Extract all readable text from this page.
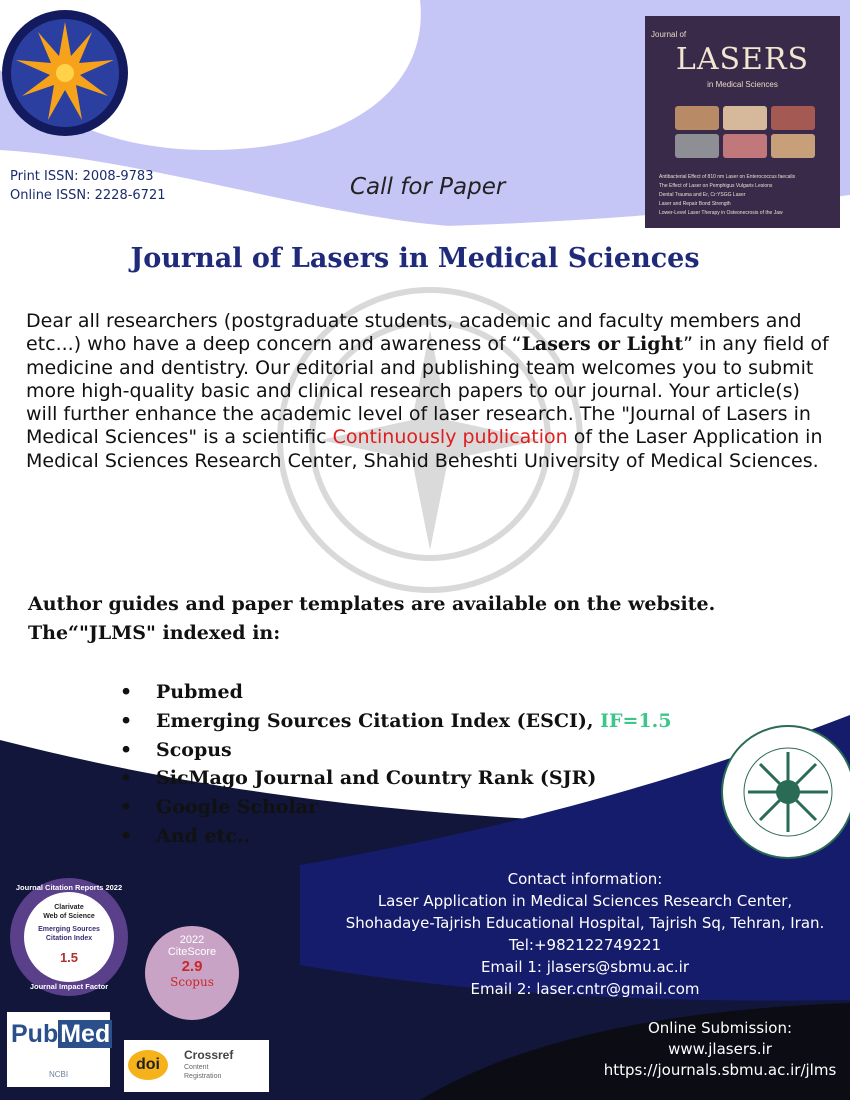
Print ISSN: 2008-9783
Online ISSN: 2228-6721	Call for Paper
Journal of
LASERS
in Medical Sciences
Antibacterial Effect of 810 nm Laser on Enterococcus faecalis
The Effect of Laser on Pemphigus Vulgaris Lesions
Dental Trauma and Er, Cr:YSGG Laser
Laser and Repair Bond Strength
Lower-Level Laser Therapy in Osteonecrosis of the Jaw
Journal of Lasers in Medical Sciences
Dear all researchers (postgraduate students, academic and faculty members and etc...) who have a deep concern and awareness of “Lasers or Light” in any field of medicine and dentistry. Our editorial and publishing team welcomes you to submit more high-quality basic and clinical research papers to our journal. Your article(s) will further enhance the academic level of laser research. The "Journal of Lasers in Medical Sciences" is a scientific Continuously publication of the Laser Application in Medical Sciences Research Center, Shahid Beheshti University of Medical Sciences.
Author guides and paper templates are available on the website.
The“"JLMS" indexed in:
• Pubmed
• Emerging Sources Citation Index (ESCI), IF=1.5
• Scopus
• SicMago Journal and Country Rank (SJR)
• Google Scholar
• And etc..
Contact information:
Laser Application in Medical Sciences Research Center,
Shohadaye-Tajrish Educational Hospital, Tajrish Sq, Tehran, Iran.
Tel:+982122749221
Email 1: jlasers@sbmu.ac.ir
Email 2: laser.cntr@gmail.com
Online Submission:
www.jlasers.ir
https://journals.sbmu.ac.ir/jlms
Journal Citation Reports 2022
Clarivate
Web of Science
Emerging Sources
Citation Index
1.5
Journal Impact Factor
2022
CiteScore
2.9
Scopus
PubMed
NCBI
doi
Crossref
Content
Registration
